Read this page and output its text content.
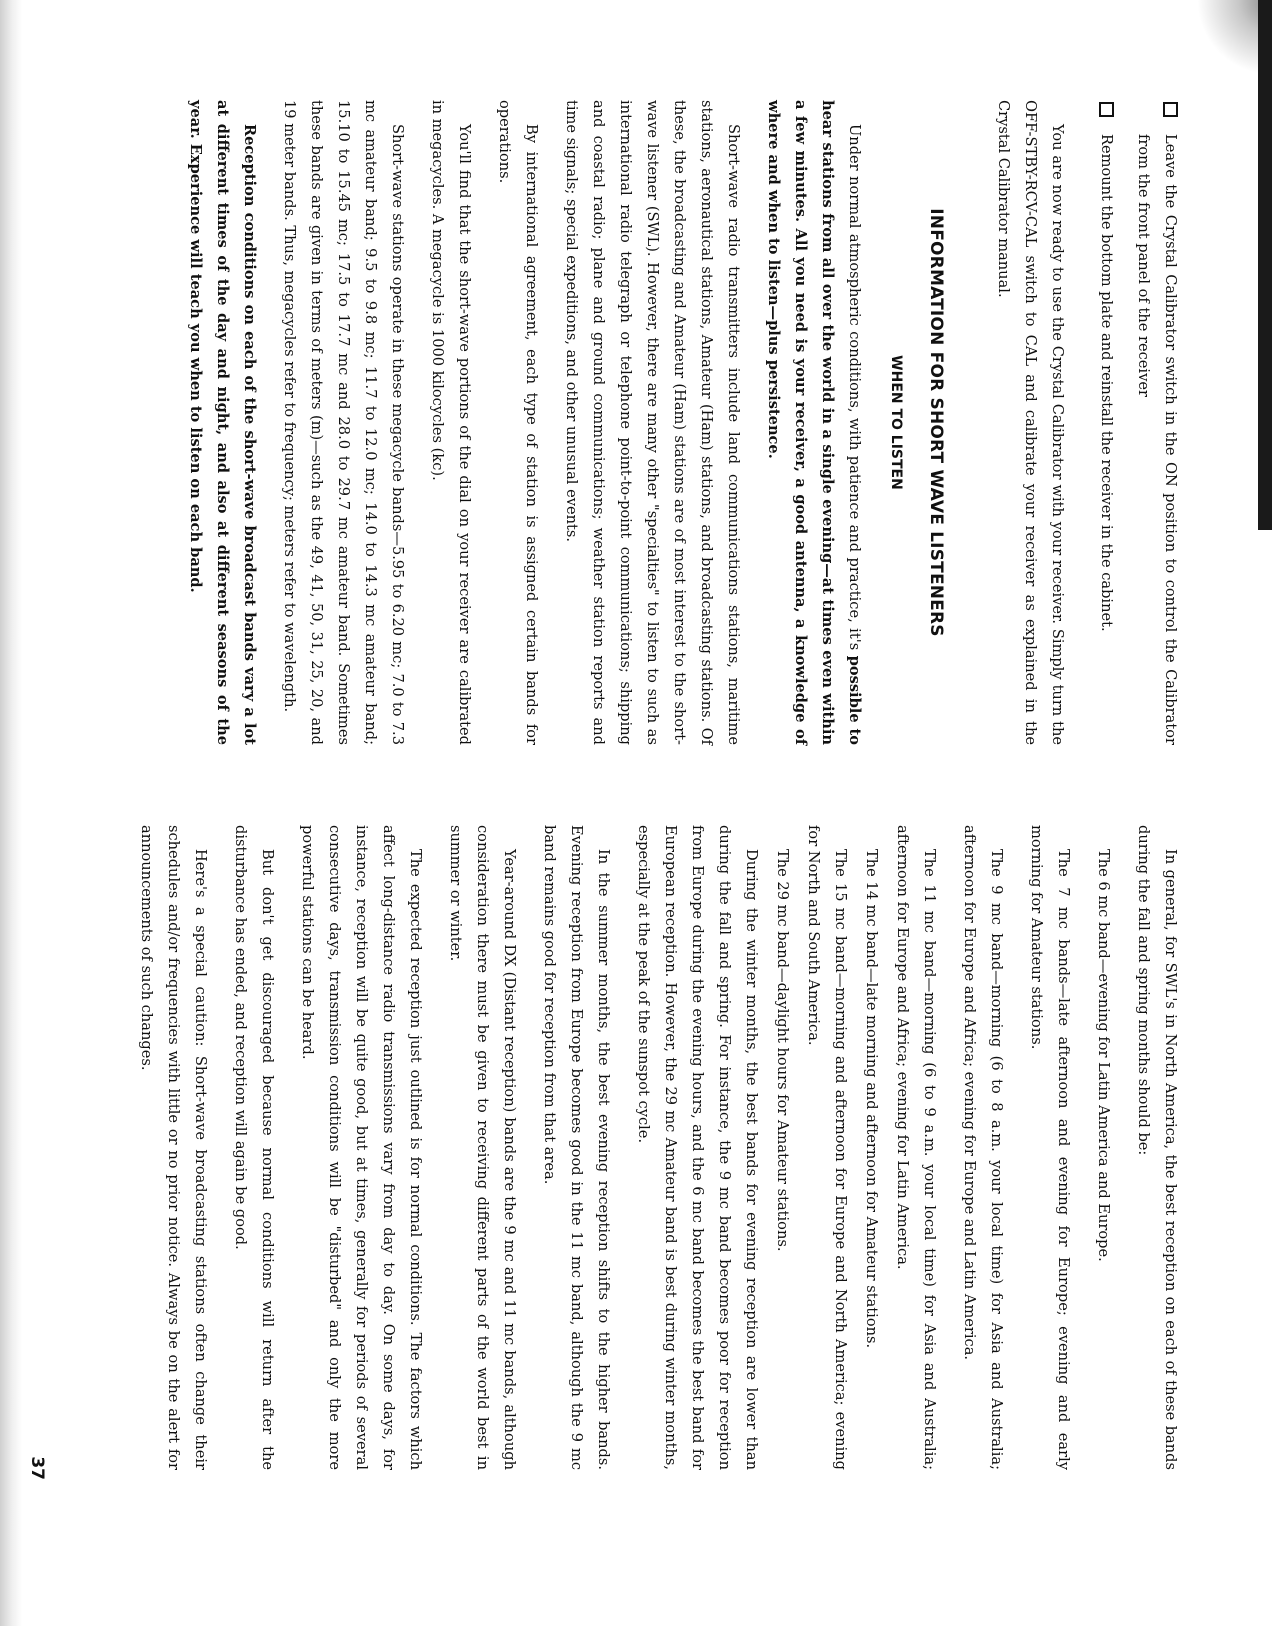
Leave the Crystal Calibrator switch in the ON position to control the Calibrator from the front panel of the receiver

Remount the bottom plate and reinstall the receiver in the cabinet.

You are now ready to use the Crystal Calibrator with your receiver. Simply turn the OFF-STBY-RCV-CAL switch to CAL and calibrate your receiver as explained in the Crystal Calibrator manual.

INFORMATION FOR SHORT WAVE LISTENERS
WHEN TO LISTEN

Under normal atmospheric conditions, with patience and practice, it's possible to hear stations from all over the world in a single evening—at times even within a few minutes. All you need is your receiver, a good antenna, a knowledge of where and when to listen—plus persistence.

Short-wave radio transmitters include land communications stations, maritime stations, aeronautical stations, Amateur (Ham) stations, and broadcasting stations. Of these, the broadcasting and Amateur (Ham) stations are of most interest to the short-wave listener (SWL). However, there are many other "specialties" to listen to such as international radio telegraph or telephone point-to-point communications; shipping and coastal radio; plane and ground communications; weather station reports and time signals; special expeditions, and other unusual events.

By international agreement, each type of station is assigned certain bands for operations.

You'll find that the short-wave portions of the dial on your receiver are calibrated in megacycles. A megacycle is 1000 kilocycles (kc).

Short-wave stations operate in these megacycle bands—5.95 to 6.20 mc; 7.0 to 7.3 mc amateur band; 9.5 to 9.8 mc; 11.7 to 12.0 mc; 14.0 to 14.3 mc amateur band; 15.10 to 15.45 mc; 17.5 to 17.7 mc and 28.0 to 29.7 mc amateur band. Sometimes these bands are given in terms of meters (m)—such as the 49, 41, 50, 31, 25, 20, and 19 meter bands. Thus, megacycles refer to frequency; meters refer to wavelength.

Reception conditions on each of the short-wave broadcast bands vary a lot at different times of the day and night, and also at different seasons of the year. Experience will teach you when to listen on each band.

In general, for SWL's in North America, the best reception on each of these bands during the fall and spring months should be:

The 6 mc band—evening for Latin America and Europe.

The 7 mc bands—late afternoon and evening for Europe; evening and early morning for Amateur stations.

The 9 mc band—morning (6 to 8 a.m. your local time) for Asia and Australia; afternoon for Europe and Africa; evening for Europe and Latin America.

The 11 mc band—morning (6 to 9 a.m. your local time) for Asia and Australia; afternoon for Europe and Africa; evening for Latin America.

The 14 mc band—late morning and afternoon for Amateur stations.

The 15 mc band—morning and afternoon for Europe and North America; evening for North and South America.

The 29 mc band—daylight hours for Amateur stations.

During the winter months, the best bands for evening reception are lower than during the fall and spring. For instance, the 9 mc band becomes poor for reception from Europe during the evening hours, and the 6 mc band becomes the best band for European reception. However, the 29 mc Amateur band is best during winter months, especially at the peak of the sunspot cycle.

In the summer months, the best evening reception shifts to the higher bands. Evening reception from Europe becomes good in the 11 mc band, although the 9 mc band remains good for reception from that area.

Year-around DX (Distant reception) bands are the 9 mc and 11 mc bands, although consideration there must be given to receiving different parts of the world best in summer or winter.

The expected reception just outlined is for normal conditions. The factors which affect long-distance radio transmissions vary from day to day. On some days, for instance, reception will be quite good, but at times, generally for periods of several consecutive days, transmission conditions will be "disturbed" and only the more powerful stations can be heard.

But don't get discouraged because normal conditions will return after the disturbance has ended, and reception will again be good.

Here's a special caution: Short-wave broadcasting stations often change their schedules and/or frequencies with little or no prior notice. Always be on the alert for announcements of such changes.

37
